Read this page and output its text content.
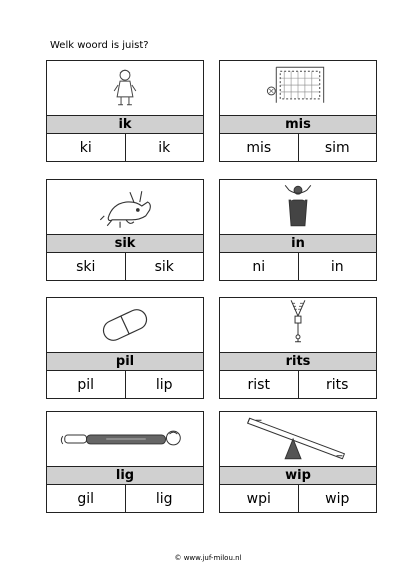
Welk woord is juist?
ik
ki	ik
mis
mis	sim
sik
ski	sik
in
ni	in
pil
pil	lip
rits
rist	rits
lig
gil	lig
wip
wpi	wip
© www.juf-milou.nl
